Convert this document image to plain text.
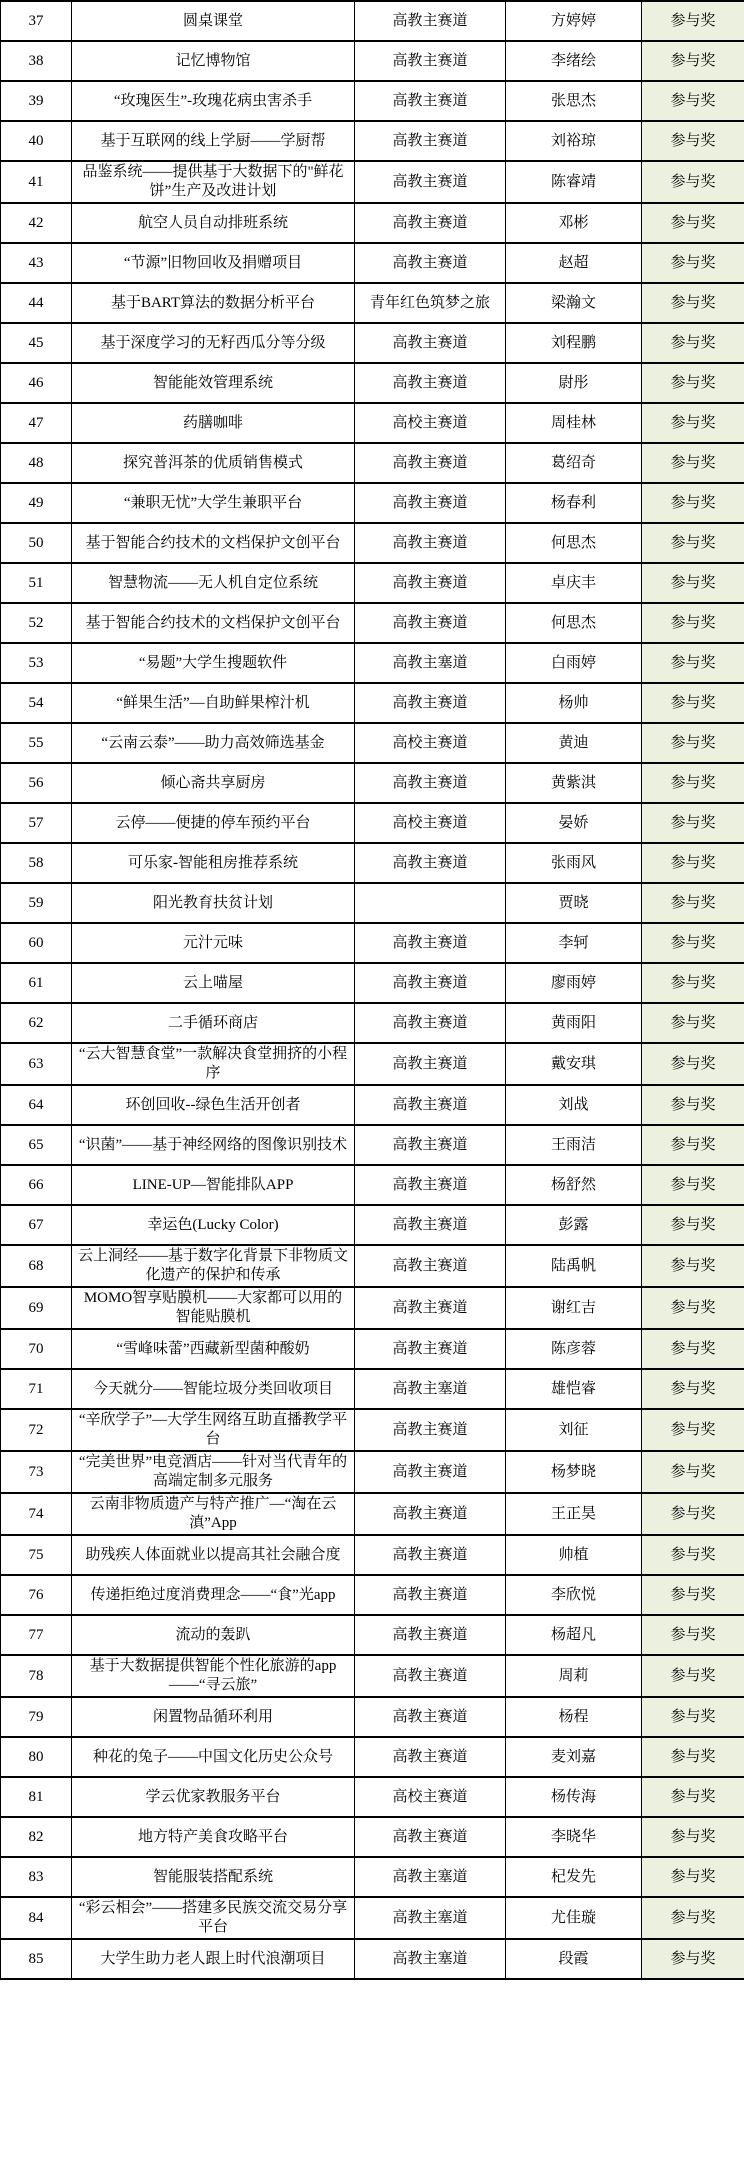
37	圆桌课堂	高教主赛道	方婷婷	参与奖
38	记忆博物馆	高教主赛道	李绪绘	参与奖
39	“玫瑰医生”-玫瑰花病虫害杀手	高教主赛道	张思杰	参与奖
40	基于互联网的线上学厨——学厨帮	高教主赛道	刘裕琼	参与奖
41	品鉴系统——提供基于大数据下的"鲜花饼”生产及改进计划	高教主赛道	陈睿靖	参与奖
42	航空人员自动排班系统	高教主赛道	邓彬	参与奖
43	“节源”旧物回收及捐赠项目	高教主赛道	赵超	参与奖
44	基于BART算法的数据分析平台	青年红色筑梦之旅	梁瀚文	参与奖
45	基于深度学习的无籽西瓜分等分级	高教主赛道	刘程鹏	参与奖
46	智能能效管理系统	高教主赛道	尉彤	参与奖
47	药膳咖啡	高校主赛道	周桂林	参与奖
48	探究普洱茶的优质销售模式	高教主赛道	葛绍奇	参与奖
49	“兼职无忧”大学生兼职平台	高教主赛道	杨春利	参与奖
50	基于智能合约技术的文档保护文创平台	高教主赛道	何思杰	参与奖
51	智慧物流——无人机自定位系统	高教主赛道	卓庆丰	参与奖
52	基于智能合约技术的文档保护文创平台	高教主赛道	何思杰	参与奖
53	“易题”大学生搜题软件	高教主塞道	白雨婷	参与奖
54	“鲜果生活”—自助鲜果榨汁机	高教主赛道	杨帅	参与奖
55	“云南云泰”——助力高效筛选基金	高校主赛道	黄迪	参与奖
56	倾心斋共享厨房	高教主赛道	黄紫淇	参与奖
57	云停——便捷的停车预约平台	高校主赛道	晏娇	参与奖
58	可乐家-智能租房推荐系统	高教主赛道	张雨风	参与奖
59	阳光教育扶贫计划		贾晓	参与奖
60	元汁元味	高教主赛道	李轲	参与奖
61	云上喵屋	高教主赛道	廖雨婷	参与奖
62	二手循环商店	高教主赛道	黄雨阳	参与奖
63	“云大智慧食堂”一款解决食堂拥挤的小程序	高教主赛道	戴安琪	参与奖
64	环创回收--绿色生活开创者	高教主赛道	刘战	参与奖
65	“识菌”——基于神经网络的图像识别技术	高教主赛道	王雨洁	参与奖
66	LINE-UP—智能排队APP	高教主赛道	杨舒然	参与奖
67	幸运色(Lucky Color)	高教主赛道	彭露	参与奖
68	云上洞经——基于数字化背景下非物质文化遗产的保护和传承	高教主赛道	陆禹帆	参与奖
69	MOMO智享贴膜机——大家都可以用的智能贴膜机	高教主赛道	谢红吉	参与奖
70	“雪峰味蕾”西藏新型菌种酸奶	高教主赛道	陈彦蓉	参与奖
71	今天就分——智能垃圾分类回收项目	高教主塞道	雄恺睿	参与奖
72	“辛欣学子”—大学生网络互助直播教学平台	高教主赛道	刘征	参与奖
73	“完美世界”电竞酒店——针对当代青年的高端定制多元服务	高教主赛道	杨梦晓	参与奖
74	云南非物质遗产与特产推广—“淘在云滇”App	高教主赛道	王正昊	参与奖
75	助残疾人体面就业以提高其社会融合度	高教主赛道	帅植	参与奖
76	传递拒绝过度消费理念——“食”光app	高教主赛道	李欣悦	参与奖
77	流动的轰趴	高教主赛道	杨超凡	参与奖
78	基于大数据提供智能个性化旅游的app——“寻云旅”	高教主赛道	周莉	参与奖
79	闲置物品循环利用	高教主赛道	杨程	参与奖
80	种花的兔子——中国文化历史公众号	高教主赛道	麦刘嘉	参与奖
81	学云优家教服务平台	高校主赛道	杨传海	参与奖
82	地方特产美食攻略平台	高教主赛道	李晓华	参与奖
83	智能服装搭配系统	高教主塞道	杞发先	参与奖
84	“彩云相会”——搭建多民族交流交易分享平台	高教主塞道	尤佳璇	参与奖
85	大学生助力老人跟上时代浪潮项目	高教主塞道	段霞	参与奖
